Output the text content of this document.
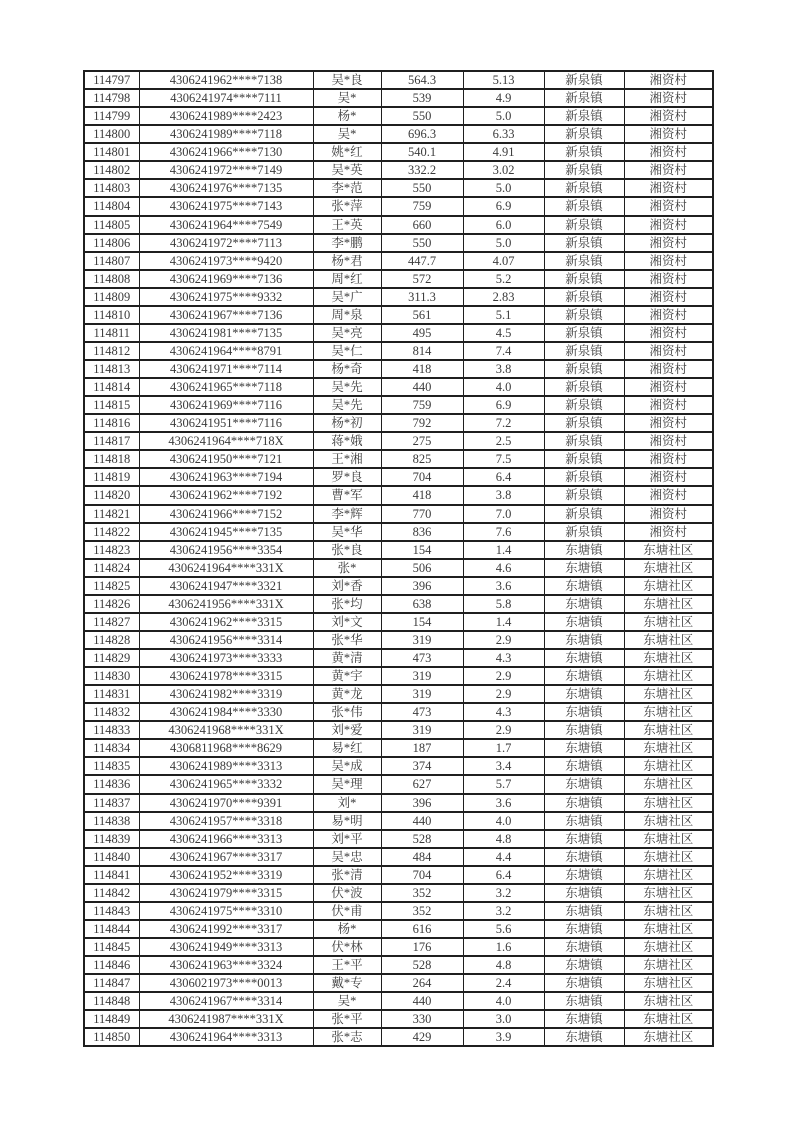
114797	4306241962****7138	吴*良	564.3	5.13	新泉镇	湘资村
114798	4306241974****7111	吴*	539	4.9	新泉镇	湘资村
114799	4306241989****2423	杨*	550	5.0	新泉镇	湘资村
114800	4306241989****7118	吴*	696.3	6.33	新泉镇	湘资村
114801	4306241966****7130	姚*红	540.1	4.91	新泉镇	湘资村
114802	4306241972****7149	吴*英	332.2	3.02	新泉镇	湘资村
114803	4306241976****7135	李*范	550	5.0	新泉镇	湘资村
114804	4306241975****7143	张*萍	759	6.9	新泉镇	湘资村
114805	4306241964****7549	王*英	660	6.0	新泉镇	湘资村
114806	4306241972****7113	李*鹏	550	5.0	新泉镇	湘资村
114807	4306241973****9420	杨*君	447.7	4.07	新泉镇	湘资村
114808	4306241969****7136	周*红	572	5.2	新泉镇	湘资村
114809	4306241975****9332	吴*广	311.3	2.83	新泉镇	湘资村
114810	4306241967****7136	周*泉	561	5.1	新泉镇	湘资村
114811	4306241981****7135	吴*亮	495	4.5	新泉镇	湘资村
114812	4306241964****8791	吴*仁	814	7.4	新泉镇	湘资村
114813	4306241971****7114	杨*奇	418	3.8	新泉镇	湘资村
114814	4306241965****7118	吴*先	440	4.0	新泉镇	湘资村
114815	4306241969****7116	吴*先	759	6.9	新泉镇	湘资村
114816	4306241951****7116	杨*初	792	7.2	新泉镇	湘资村
114817	4306241964****718X	蒋*娥	275	2.5	新泉镇	湘资村
114818	4306241950****7121	王*湘	825	7.5	新泉镇	湘资村
114819	4306241963****7194	罗*良	704	6.4	新泉镇	湘资村
114820	4306241962****7192	曹*军	418	3.8	新泉镇	湘资村
114821	4306241966****7152	李*辉	770	7.0	新泉镇	湘资村
114822	4306241945****7135	吴*华	836	7.6	新泉镇	湘资村
114823	4306241956****3354	张*良	154	1.4	东塘镇	东塘社区
114824	4306241964****331X	张*	506	4.6	东塘镇	东塘社区
114825	4306241947****3321	刘*香	396	3.6	东塘镇	东塘社区
114826	4306241956****331X	张*均	638	5.8	东塘镇	东塘社区
114827	4306241962****3315	刘*文	154	1.4	东塘镇	东塘社区
114828	4306241956****3314	张*华	319	2.9	东塘镇	东塘社区
114829	4306241973****3333	黄*清	473	4.3	东塘镇	东塘社区
114830	4306241978****3315	黄*宇	319	2.9	东塘镇	东塘社区
114831	4306241982****3319	黄*龙	319	2.9	东塘镇	东塘社区
114832	4306241984****3330	张*伟	473	4.3	东塘镇	东塘社区
114833	4306241968****331X	刘*爱	319	2.9	东塘镇	东塘社区
114834	4306811968****8629	易*红	187	1.7	东塘镇	东塘社区
114835	4306241989****3313	吴*成	374	3.4	东塘镇	东塘社区
114836	4306241965****3332	吴*理	627	5.7	东塘镇	东塘社区
114837	4306241970****9391	刘*	396	3.6	东塘镇	东塘社区
114838	4306241957****3318	易*明	440	4.0	东塘镇	东塘社区
114839	4306241966****3313	刘*平	528	4.8	东塘镇	东塘社区
114840	4306241967****3317	吴*忠	484	4.4	东塘镇	东塘社区
114841	4306241952****3319	张*清	704	6.4	东塘镇	东塘社区
114842	4306241979****3315	伏*波	352	3.2	东塘镇	东塘社区
114843	4306241975****3310	伏*甫	352	3.2	东塘镇	东塘社区
114844	4306241992****3317	杨*	616	5.6	东塘镇	东塘社区
114845	4306241949****3313	伏*林	176	1.6	东塘镇	东塘社区
114846	4306241963****3324	王*平	528	4.8	东塘镇	东塘社区
114847	4306021973****0013	戴*专	264	2.4	东塘镇	东塘社区
114848	4306241967****3314	吴*	440	4.0	东塘镇	东塘社区
114849	4306241987****331X	张*平	330	3.0	东塘镇	东塘社区
114850	4306241964****3313	张*志	429	3.9	东塘镇	东塘社区
